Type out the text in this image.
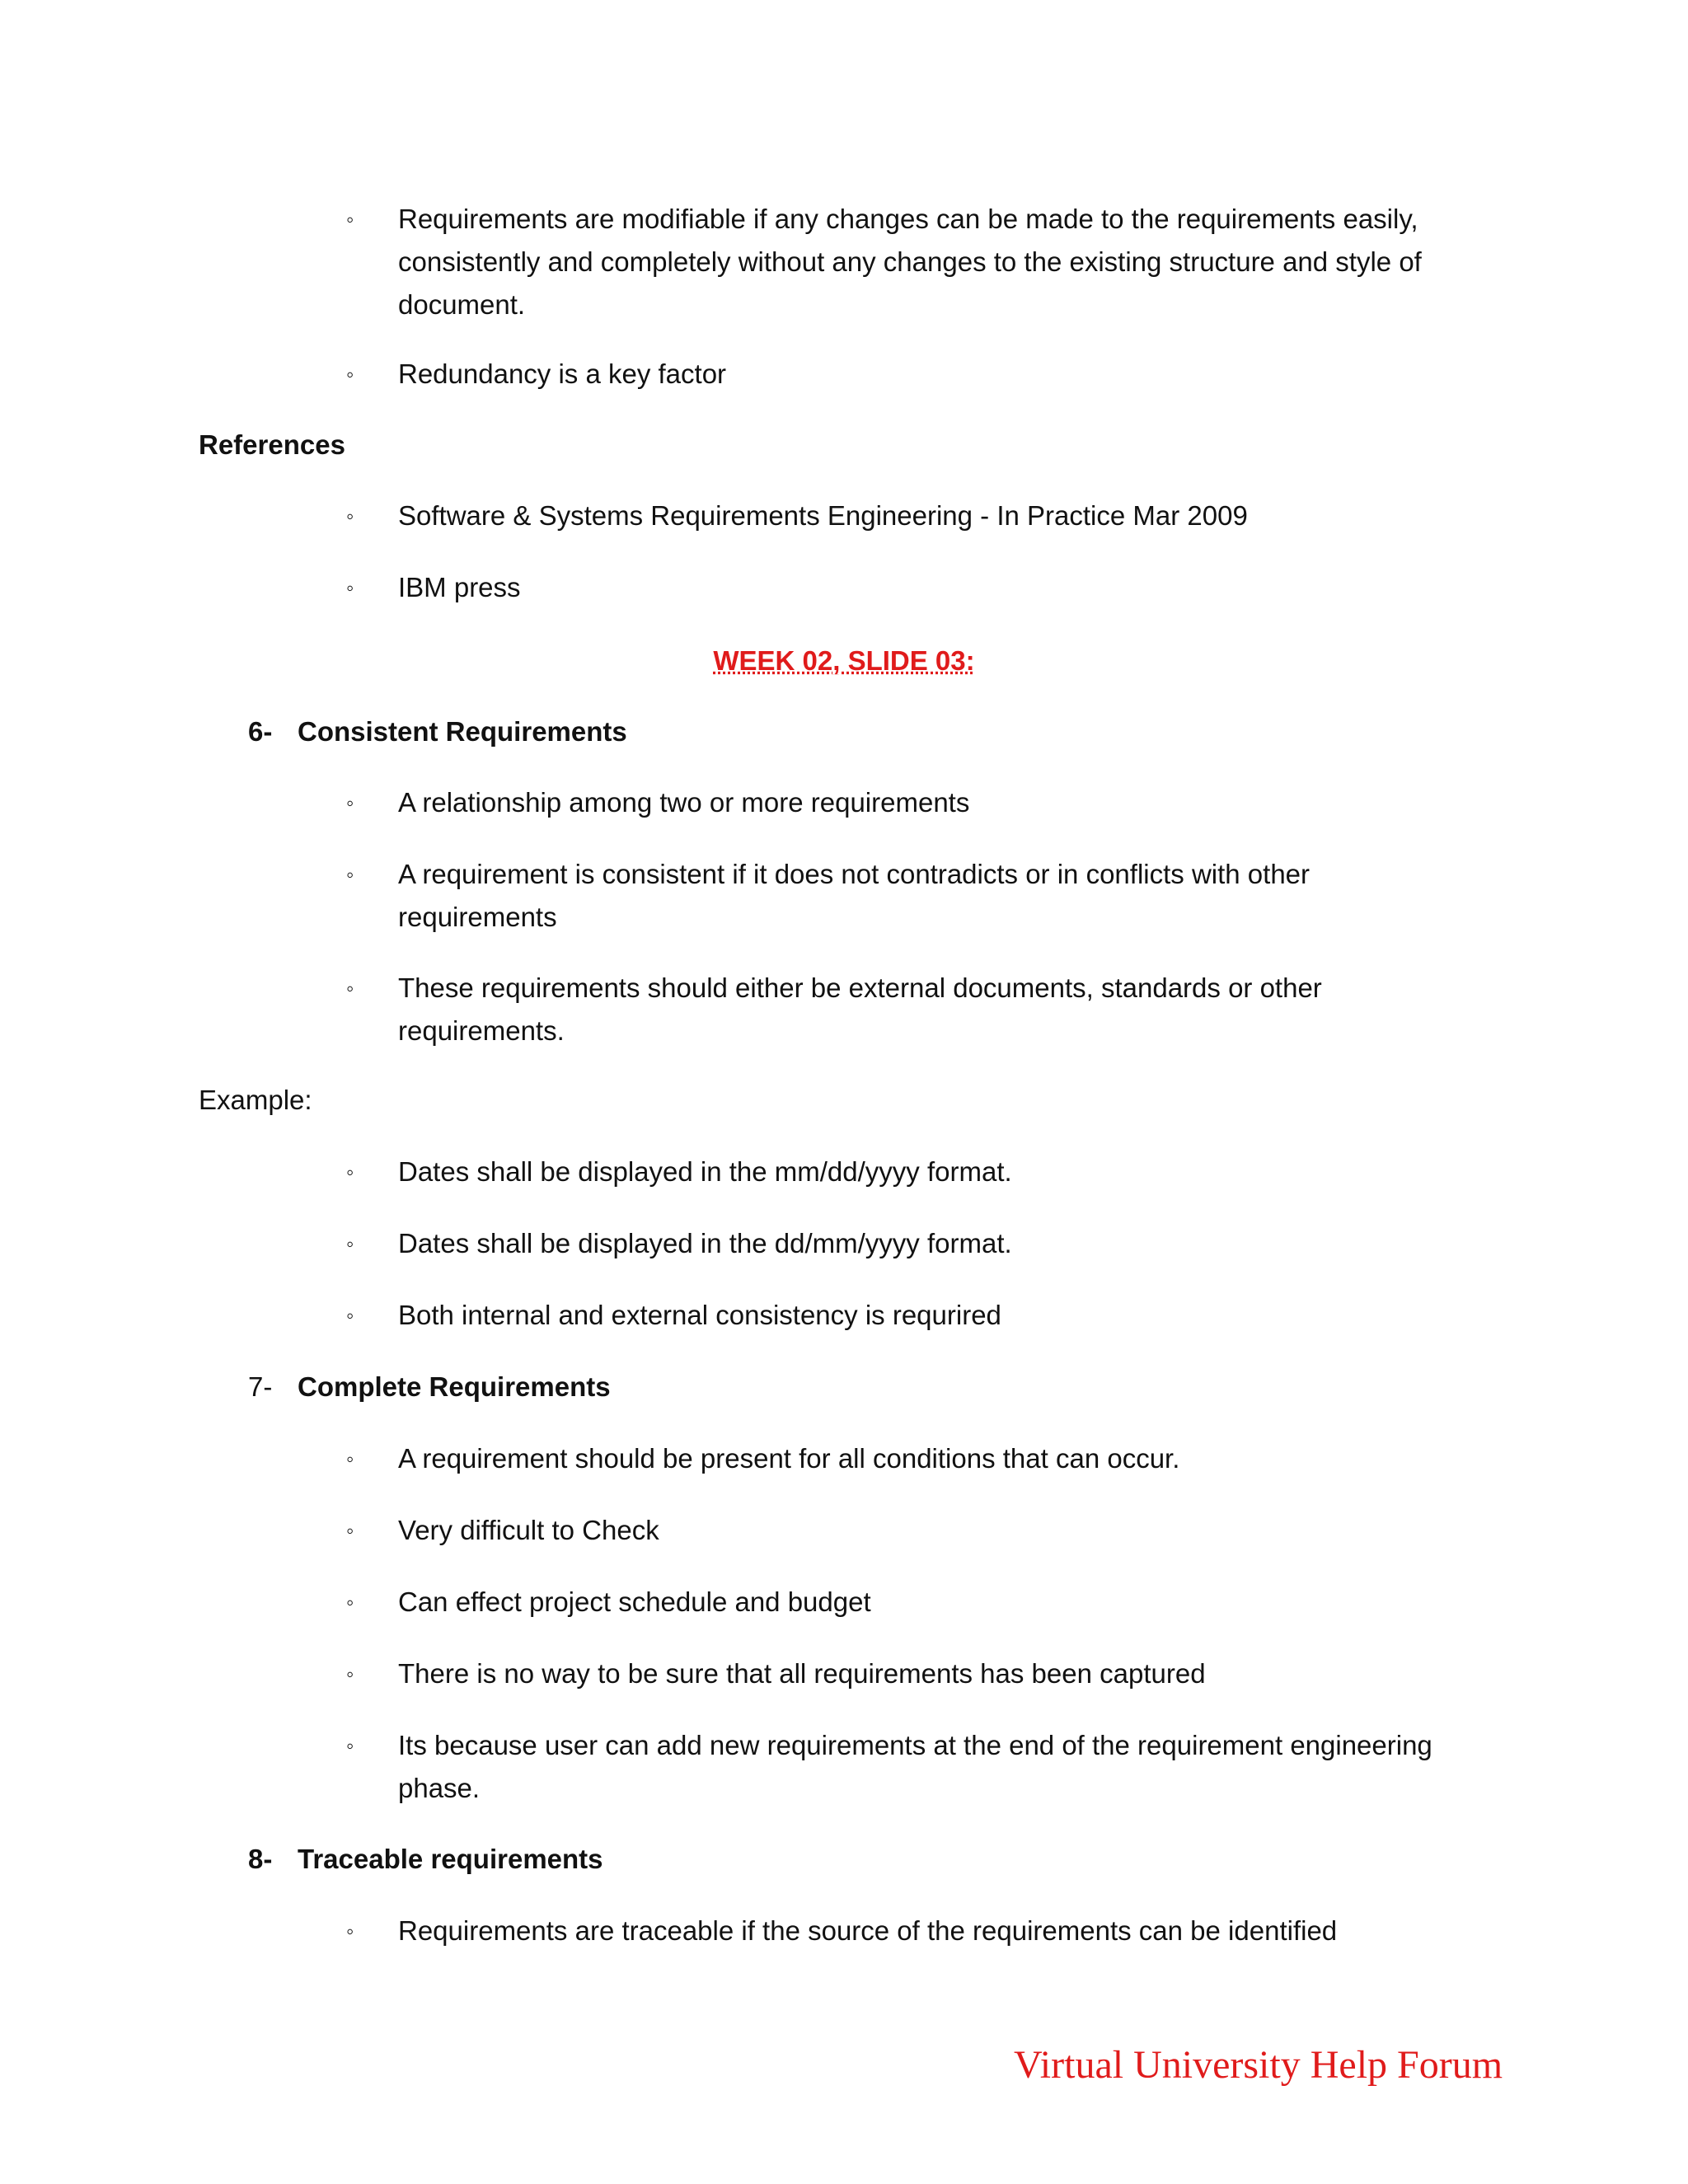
◦ Requirements are modifiable if any changes can be made to the requirements easily, consistently and completely without any changes to the existing structure and style of document.
◦ Redundancy is a key factor
References
◦ Software & Systems Requirements Engineering - In Practice Mar 2009
◦ IBM press
WEEK 02, SLIDE 03:
6- Consistent Requirements
◦ A relationship among two or more requirements
◦ A requirement is consistent if it does not contradicts or in conflicts with other requirements
◦ These requirements should either be external documents, standards or other requirements.
Example:
◦ Dates shall be displayed in the mm/dd/yyyy format.
◦ Dates shall be displayed in the dd/mm/yyyy format.
◦ Both internal and external consistency is requrired
7- Complete Requirements
◦ A requirement should be present for all conditions that can occur.
◦ Very difficult to Check
◦ Can effect project schedule and budget
◦ There is no way to be sure that all requirements has been captured
◦ Its because user can add new requirements at the end of the requirement engineering phase.
8- Traceable requirements
◦ Requirements are traceable if the source of the requirements can be identified
Virtual University Help Forum
